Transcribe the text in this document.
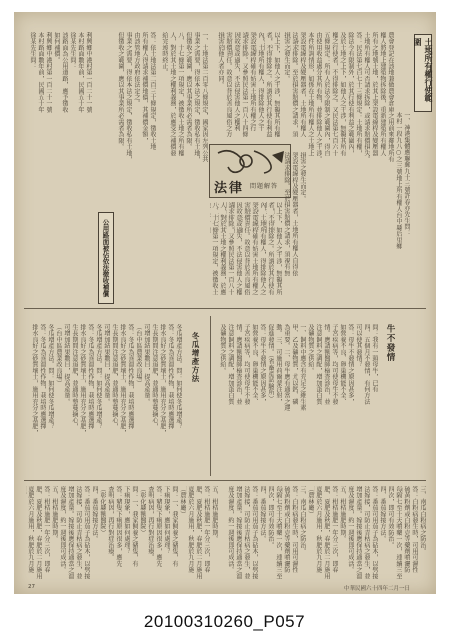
土地所有權行使範圍
一、神港集體應聯郵九十三號許春亦先生問：
本村一段九八○之三號地上所有權人台中縣后里鄉
農會登記在該地兼做農會倉庫之用前來鄰地所有
權人將地上建築物拆除後，重新建築所有權人
所有之地號土地，於其上架設電線桿及變壓器
土地所有權人可否請求拆除，或請求賠償損失。
答：民法第七百七十三條規定：土地所有權，
除法令有限制外，於其行使有利益之範圍內，
及於土地之上下，如他人之干涉，無礙其所有
權之行使者，不得排除之。又民法第七百六十
五條規定：所有人於法令限制之範圍內，得自
由使用收益處分其所有物，並排除他人之干涉。
本件所詢情形，如係在土地所有權人之土地上
架設電線桿及變壓器者，土地所有權人
法請求排除。至於損害賠償之請求，須
損害之發生而定。
以上下，如他人之干涉，無礙其所有權
者，不得排除之。所謂於其行使有利益
內，土地所有權人，得排除他人之干
架設電線桿確有妨害土地所有權之行
請求排除。又參照民法第一百八十四條
因故意或過失，不法侵害他人之權利
害賠償責任。故意以背於善良風俗之方
損害於他人者亦同。
法律 問題解答
一、土地法第二百零八條規定，國家因左列公共
事業之需要，得依本法之規定，徵收私有土地，
但徵收之範圍，應以其事業所必需者為限。
八、十七條第一項規定，被徵收土地之所有權
人，對於其土地之權利義務，於應受之補償發
給完竣時終止。
八、十七條第一項規定，被徵收土
人，對於其土地之權利義務，於應
請求排除。又參照民法第一百八十
因故意或過失，不法侵害他人之權
害賠償責任。故意以背於善良風俗
架設電線桿確有妨害土地所有權之
內，土地所有權人，得排除他人之
者，不得排除之。所謂於其行使有
以上下，如他人之干涉，無礙其所
法請求排除。至於損害賠償之請求，須視有無 架設電線桿及變壓器者，土地所有權人自得依 損害之發生而定。
答：依土地法第二百三十條規定，徵收土地
所有權人得請求補償地價，其補償金額，
由該管地方政府依法定之。
事業之需要，得依本法之規定，徵收私有土地，
但徵收之範圍，應以其事業所必需者為限。
公用路面被佔依法徵收補償
利興鄉中港村第一百二十一號
本村路面數年前，民國五十年
徐某先生問：
該路面為公用道路，應予徵收
如何補償。
利興鄉中港村第一百二十一號
本村路面數年前，民國五十年
徐某先生問：
牛不發情
問：我有一頭母牛，已有
四、五個月不發情，有何方法
可以使其發情？
答：母牛不發情之原因甚多，
如營養不良、卵巢機能不全、
子宮疾病等，均可使母牛不發
情。應請獸醫師檢查診治，並
注意飼料之調配，增加蛋白質
及礦物質之供給。
一、飼料中應含有充足之維生素
甲、乙及礦物質，尤以鈣、磷
為重要。二、母牛應有適當之運
動。三、可施用荷爾蒙注射，
促進發情。（省畜產試驗所）
答：母牛不發情之原因甚多，
如營養不良、卵巢機能不全、
子宮疾病等，均可使母牛不發
情。應請獸醫師檢查診治，並
注意飼料之調配，增加蛋白質
及礦物質之供給。
冬瓜增產方法
冬瓜增產方法。問：如何使冬瓜增產？
答：冬瓜為喜溫性作物，栽培時應選擇
排水良好之砂質壤土，施用充分之基肥，
生長期間注意追肥，並適時整蔓摘心，
可增加結果數目，提高產量。
（台中區農業改良場）
答：冬瓜為喜溫性作物，栽培時應選擇
排水良好之砂質壤土，施用充分之基肥，
生長期間注意追肥，並適時整蔓摘心，
可增加結果數目，提高產量。
冬瓜增產方法。問：如何使冬瓜增產？
答：冬瓜為喜溫性作物，栽培時應選擇
排水良好之砂質壤土，施用充分之基肥，
生長期間注意追肥，並適時整蔓摘心，
可增加結果數目，提高產量。
（台中區農業改良場）
冬瓜增產方法。問：如何使冬瓜增產？
答：冬瓜為喜溫性作物，栽培時應選擇
排水良好之砂質壤土，施用充分之基肥，
三、南瓜白粉病之防治。
答：白粉病發生時，可用可濕性
硫黃粉劑或白粉克等藥劑噴灑防
每隔七至十天噴藥一次，連續三至
四次，即可有效防治。
四、番茄嫁接方法。
答：番茄可用茄子為砧木，以劈接
法嫁接，可防止青枯病之發生，並
增加產量。嫁接後應保持適當之溫
度及濕度，約一週後即可成活。
五、柑桔施肥時期。
答：柑桔施肥一年分三次，即春
肥、夏肥及秋肥，春肥於二月施用
夏肥於六月施用，秋肥於九月施
（農林廳）
三、南瓜白粉病之防治。
答：白粉病發生時，可用可濕性
硫黃粉劑或白粉克等藥劑噴灑防
每隔七至十天噴藥一次，連續三至
四次，即可有效防治。
四、番茄嫁接方法。
答：番茄可用茄子為砧木，以劈接
法嫁接，可防止青枯病之發生，並
增加產量。嫁接後應保持適當之溫
度及濕度，約一週後即可成活。
五、柑桔施肥時期。
答：柑桔施肥一年分三次，即春
肥、夏肥及秋肥，春肥於二月施用
夏肥於六月施用，秋肥於九月施
（農林廳）
問：一、我家飼養之豬隻，有
下痢現象，應如何處理？
答：豬隻下痢原因很多，應先
查明病因，再行對症治療。
（彰化縣獸醫院）
問：一、我家飼養之豬隻，有
下痢現象，應如何處理？
答：豬隻下痢原因很多，應先
查明病因，再行對症治療。
（彰化縣獸醫院）
四、番茄嫁接方法。
答：番茄可用茄子為砧木，以劈接
法嫁接，可防止青枯病之發生，並
增加產量。嫁接後應保持適當之溫
度及濕度，約一週後即可成活。
五、柑桔施肥時期。
答：柑桔施肥一年分三次，即春
肥、夏肥及秋肥，春肥於二月施用
夏肥於六月施用，秋肥於九月施
27	中華民國六十四年二月一日
20100310260_P057
